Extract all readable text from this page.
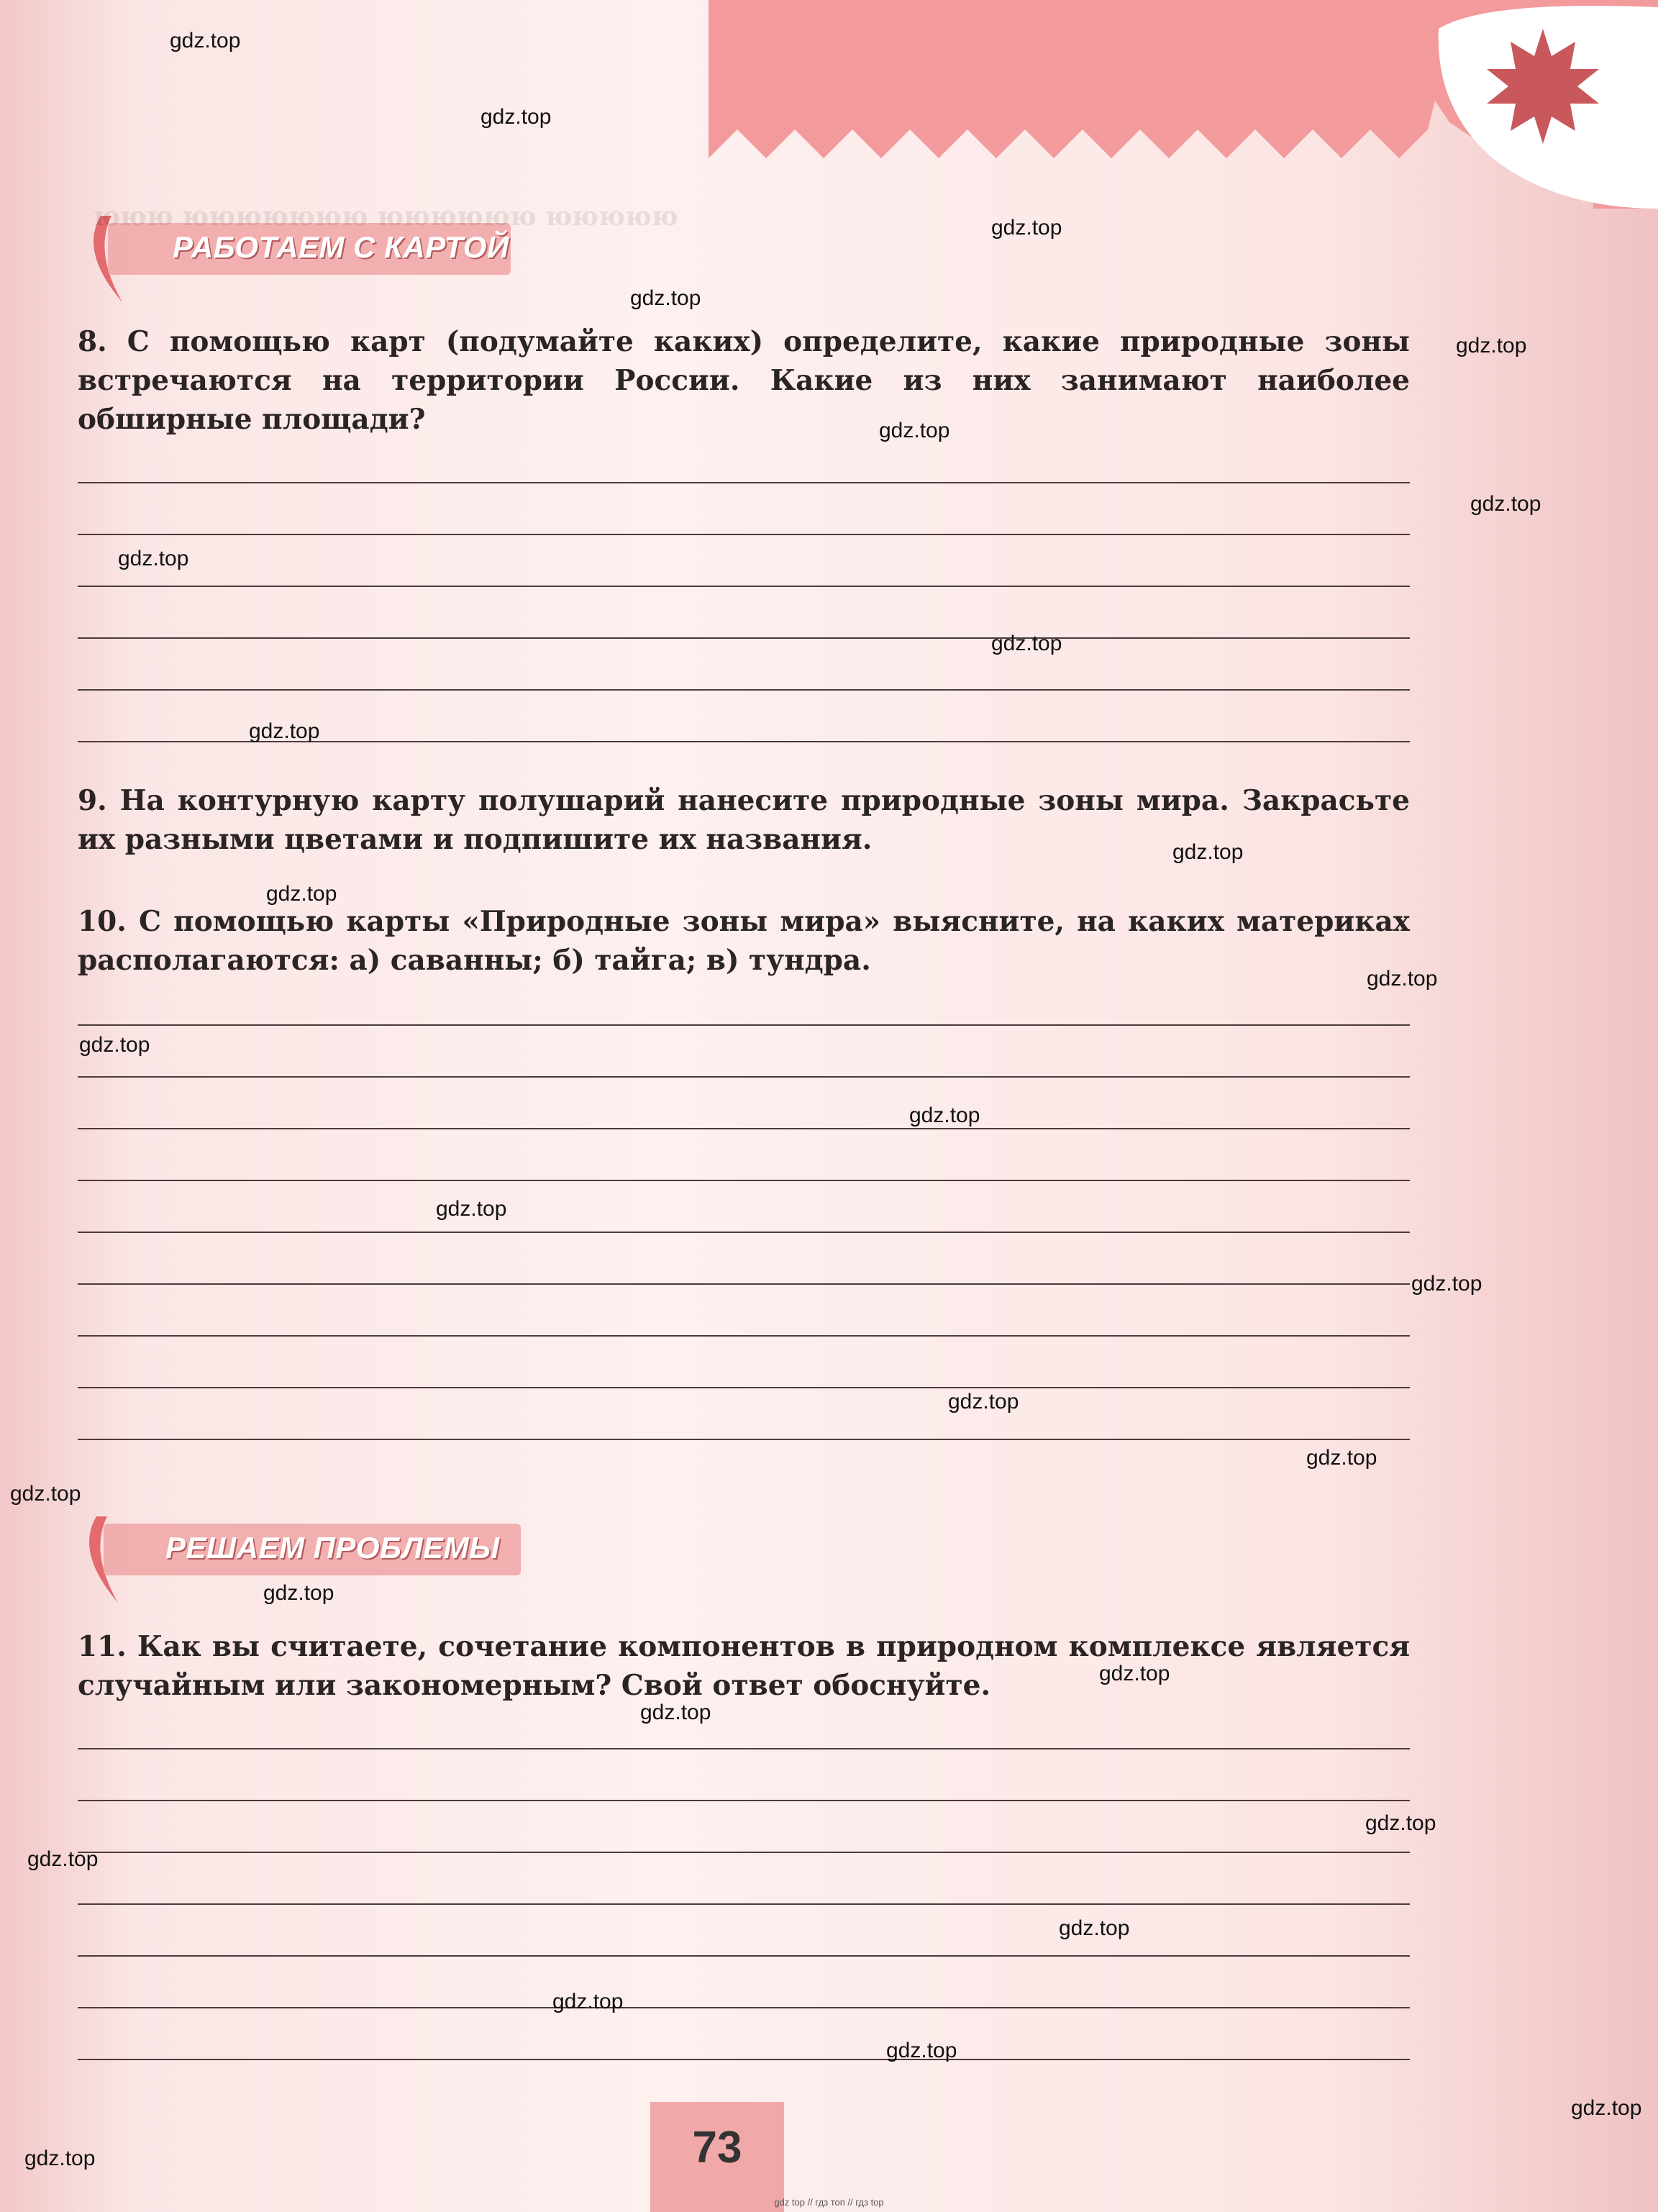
РАБОТАЕМ С КАРТОЙ
ююю ююююююю юююююю ююююю
8. С помощью карт (подумайте каких) определите, какие природные зоны встречаются на территории России. Какие из них занимают наиболее обширные площади?
9. На контурную карту полушарий нанесите природные зоны мира. Закрасьте их разными цветами и подпишите их названия.
10. С помощью карты «Природные зоны мира» выясните, на каких материках располагаются: а) саванны; б) тайга; в) тундра.
РЕШАЕМ ПРОБЛЕМЫ
11. Как вы считаете, сочетание компонентов в природном комплексе является случайным или закономерным? Свой ответ обоснуйте.
73
gdz.top
gdz.top
gdz.top
gdz.top
gdz.top
gdz.top
gdz.top
gdz.top
gdz.top
gdz.top
gdz.top
gdz.top
gdz.top
gdz.top
gdz.top
gdz.top
gdz.top
gdz.top
gdz.top
gdz.top
gdz.top
gdz.top
gdz.top
gdz.top
gdz.top
gdz.top
gdz.top
gdz.top
gdz.top
gdz.top
gdz top // гдз топ // гдз top
